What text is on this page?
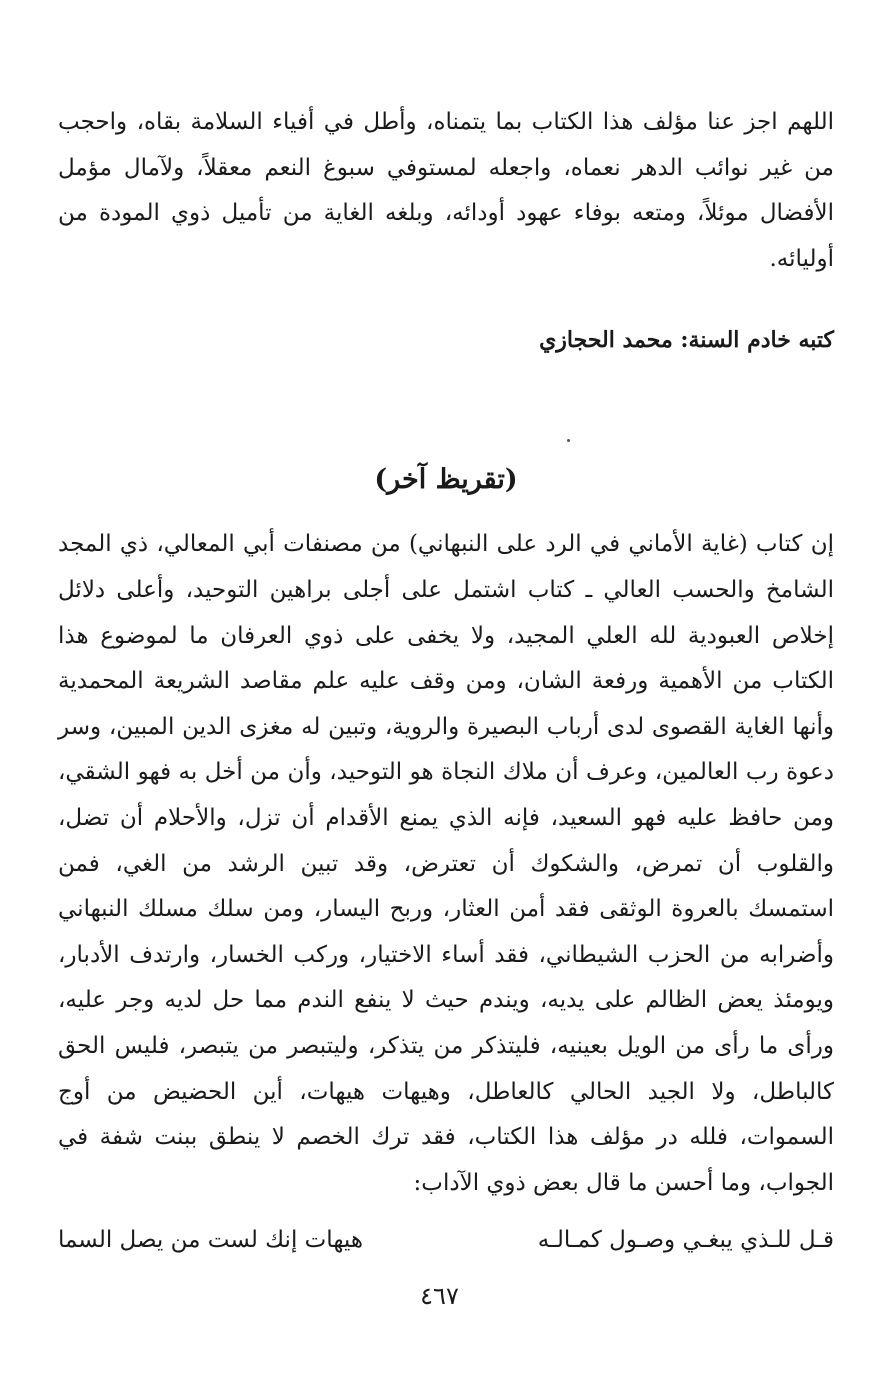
اللهم اجز عنا مؤلف هذا الكتاب بما يتمناه، وأطل في أفياء السلامة بقاه، واحجب من غير نوائب الدهر نعماه، واجعله لمستوفي سبوغ النعم معقلاً، ولآمال مؤمل الأفضال موئلاً، ومتعه بوفاء عهود أودائه، وبلغه الغاية من تأميل ذوي المودة من أوليائه.

كتبه خادم السنة: محمد الحجازي

(تقريظ آخر)

إن كتاب (غاية الأماني في الرد على النبهاني) من مصنفات أبي المعالي، ذي المجد الشامخ والحسب العالي ـ كتاب اشتمل على أجلى براهين التوحيد، وأعلى دلائل إخلاص العبودية لله العلي المجيد، ولا يخفى على ذوي العرفان ما لموضوع هذا الكتاب من الأهمية ورفعة الشان، ومن وقف عليه علم مقاصد الشريعة المحمدية وأنها الغاية القصوى لدى أرباب البصيرة والروية، وتبين له مغزى الدين المبين، وسر دعوة رب العالمين، وعرف أن ملاك النجاة هو التوحيد، وأن من أخل به فهو الشقي، ومن حافظ عليه فهو السعيد، فإنه الذي يمنع الأقدام أن تزل، والأحلام أن تضل، والقلوب أن تمرض، والشكوك أن تعترض، وقد تبين الرشد من الغي، فمن استمسك بالعروة الوثقى فقد أمن العثار، وربح اليسار، ومن سلك مسلك النبهاني وأضرابه من الحزب الشيطاني، فقد أساء الاختيار، وركب الخسار، وارتدف الأدبار، ويومئذ يعض الظالم على يديه، ويندم حيث لا ينفع الندم مما حل لديه وجر عليه، ورأى ما رأى من الويل بعينيه، فليتذكر من يتذكر، وليتبصر من يتبصر، فليس الحق كالباطل، ولا الجيد الحالي كالعاطل، وهيهات هيهات، أين الحضيض من أوج السموات، فلله در مؤلف هذا الكتاب، فقد ترك الخصم لا ينطق ببنت شفة في الجواب، وما أحسن ما قال بعض ذوي الآداب:

قـل للـذي يبغـي وصـول كمـالـه
هيهات إنك لست من يصل السما
٤٦٧
